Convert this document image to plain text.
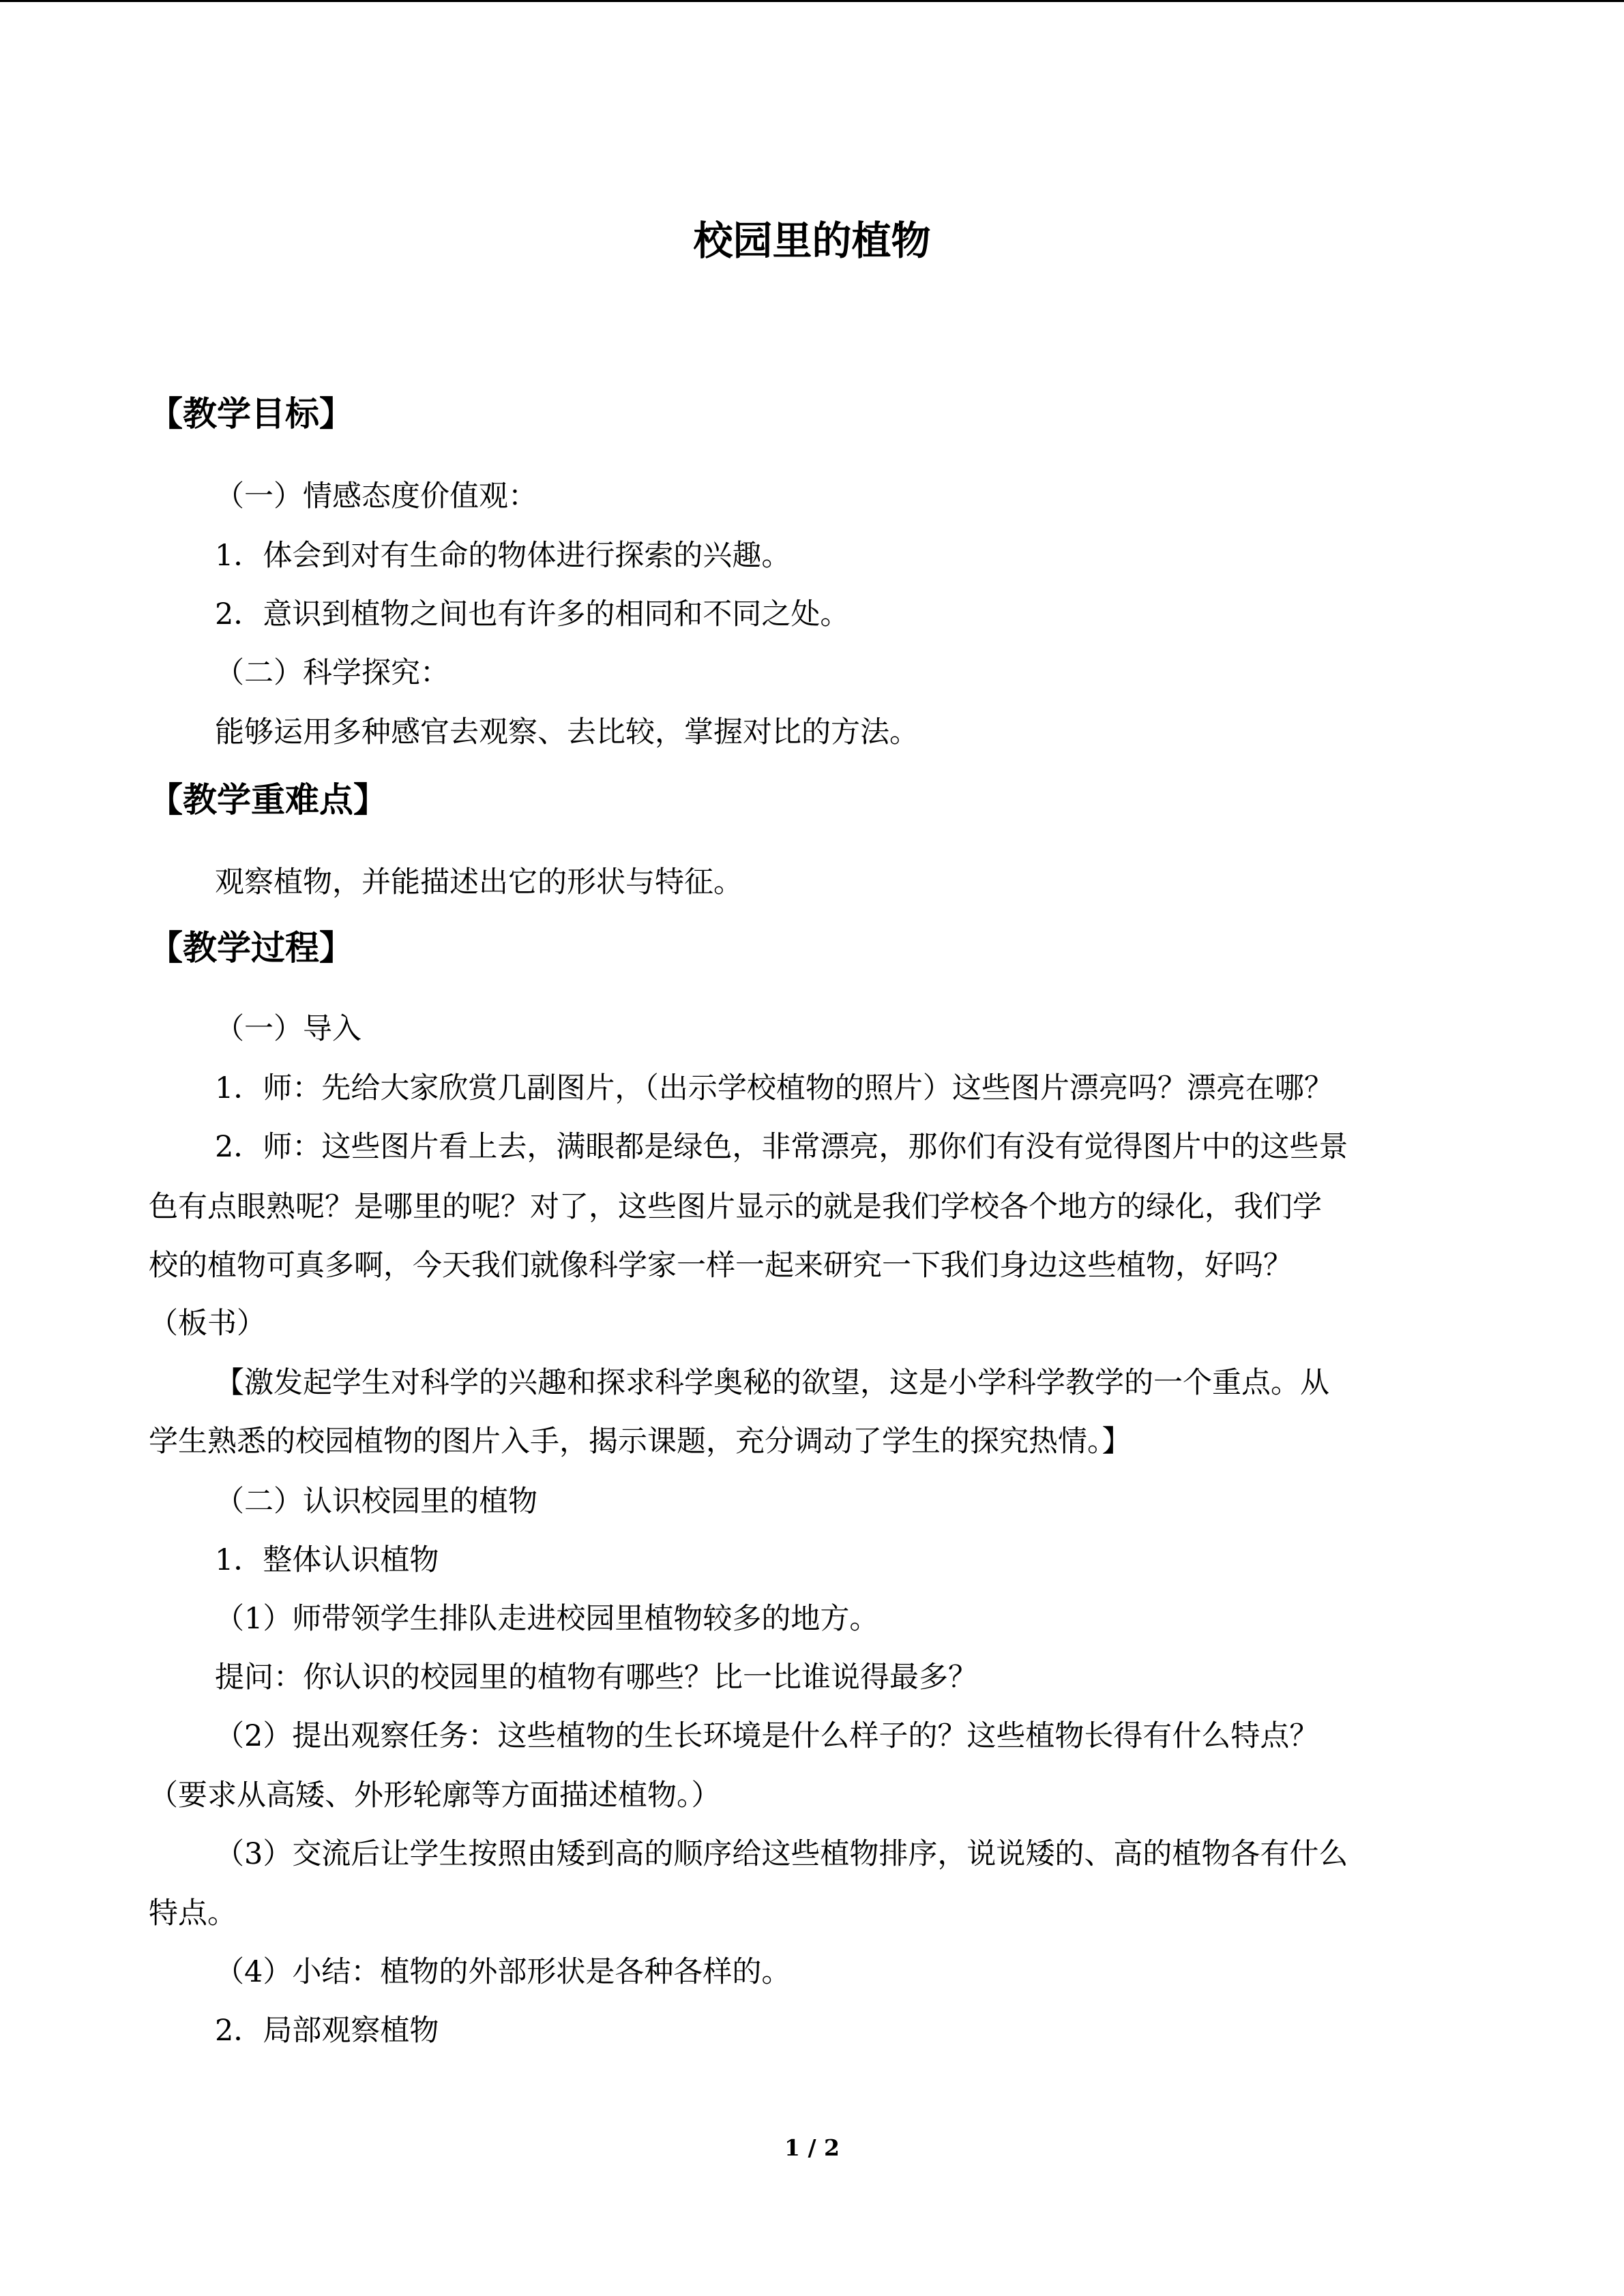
校园里的植物
【教学目标】

（一）情感态度价值观：

1．体会到对有生命的物体进行探索的兴趣。

2．意识到植物之间也有许多的相同和不同之处。

（二）科学探究：

能够运用多种感官去观察、去比较，掌握对比的方法。

【教学重难点】

观察植物，并能描述出它的形状与特征。

【教学过程】

（一）导入

1．师：先给大家欣赏几副图片，（出示学校植物的照片）这些图片漂亮吗？漂亮在哪？

2．师：这些图片看上去，满眼都是绿色，非常漂亮，那你们有没有觉得图片中的这些景

色有点眼熟呢？是哪里的呢？对了，这些图片显示的就是我们学校各个地方的绿化，我们学

校的植物可真多啊，今天我们就像科学家一样一起来研究一下我们身边这些植物，好吗？

（板书）

【激发起学生对科学的兴趣和探求科学奥秘的欲望，这是小学科学教学的一个重点。从

学生熟悉的校园植物的图片入手，揭示课题，充分调动了学生的探究热情。】

（二）认识校园里的植物

1．整体认识植物

（1）师带领学生排队走进校园里植物较多的地方。

提问：你认识的校园里的植物有哪些？比一比谁说得最多？

（2）提出观察任务：这些植物的生长环境是什么样子的？这些植物长得有什么特点？

（要求从高矮、外形轮廓等方面描述植物。）

（3）交流后让学生按照由矮到高的顺序给这些植物排序，说说矮的、高的植物各有什么

特点。

（4）小结：植物的外部形状是各种各样的。

2．局部观察植物

1 / 2
